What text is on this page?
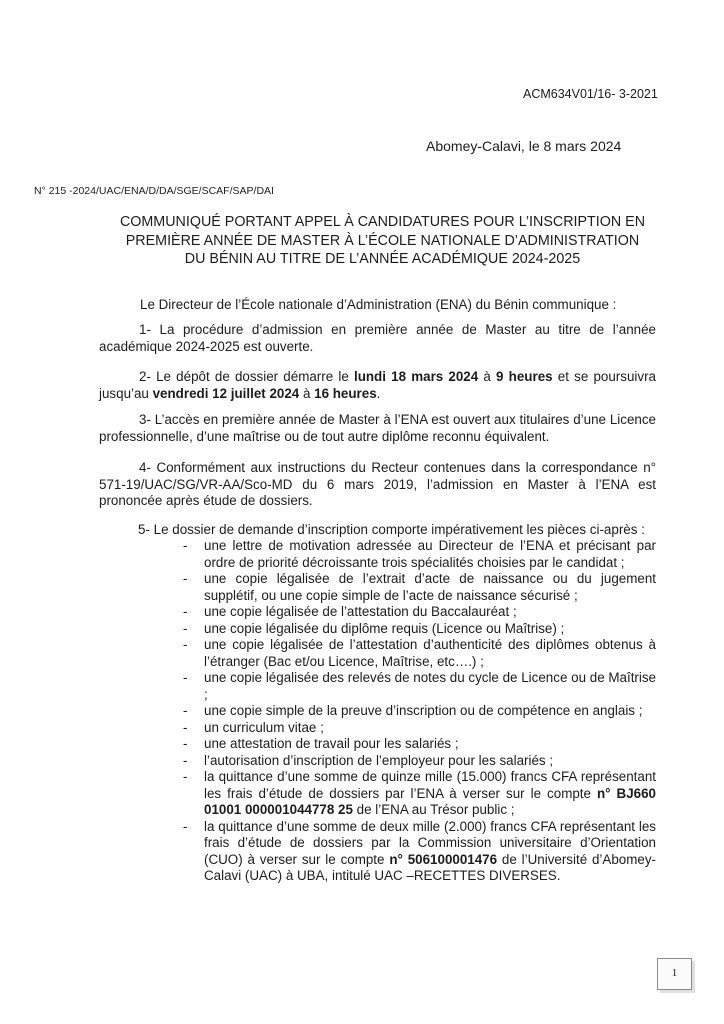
ACM634V01/16- 3-2021
Abomey-Calavi, le 8 mars 2024
N° 215 -2024/UAC/ENA/D/DA/SGE/SCAF/SAP/DAI
COMMUNIQUÉ PORTANT APPEL À CANDIDATURES POUR L’INSCRIPTION EN
PREMIÈRE ANNÉE DE MASTER À L’ÉCOLE NATIONALE D’ADMINISTRATION
DU BÉNIN AU TITRE DE L’ANNÉE ACADÉMIQUE 2024-2025
Le Directeur de l’École nationale d’Administration (ENA) du Bénin communique :
1- La procédure d’admission en première année de Master au titre de l’année académique 2024-2025 est ouverte.
2- Le dépôt de dossier démarre le lundi 18 mars 2024 à 9 heures et se poursuivra jusqu’au vendredi 12 juillet 2024 à 16 heures.
3- L’accès en première année de Master à l’ENA est ouvert aux titulaires d’une Licence professionnelle, d’une maîtrise ou de tout autre diplôme reconnu équivalent.
4- Conformément aux instructions du Recteur contenues dans la correspondance n° 571-19/UAC/SG/VR-AA/Sco-MD du 6 mars 2019, l’admission en Master à l’ENA est prononcée après étude de dossiers.
5- Le dossier de demande d’inscription comporte impérativement les pièces ci-après :
- une lettre de motivation adressée au Directeur de l’ENA et précisant par ordre de priorité décroissante trois spécialités choisies par le candidat ;
- une copie légalisée de l’extrait d’acte de naissance ou du jugement supplétif, ou une copie simple de l’acte de naissance sécurisé ;
- une copie légalisée de l’attestation du Baccalauréat ;
- une copie légalisée du diplôme requis (Licence ou Maîtrise) ;
- une copie légalisée de l’attestation d’authenticité des diplômes obtenus à l’étranger (Bac et/ou Licence, Maîtrise, etc….) ;
- une copie légalisée des relevés de notes du cycle de Licence ou de Maîtrise ;
- une copie simple de la preuve d’inscription ou de compétence en anglais ;
- un curriculum vitae ;
- une attestation de travail pour les salariés ;
- l’autorisation d’inscription de l’employeur pour les salariés ;
- la quittance d’une somme de quinze mille (15.000) francs CFA représentant les frais d’étude de dossiers par l’ENA à verser sur le compte n° BJ660 01001 000001044778 25 de l’ENA au Trésor public ;
- la quittance d’une somme de deux mille (2.000) francs CFA représentant les frais d’étude de dossiers par la Commission universitaire d’Orientation (CUO) à verser sur le compte n° 506100001476 de l’Université d’Abomey-Calavi (UAC) à UBA, intitulé UAC –RECETTES DIVERSES.
1
